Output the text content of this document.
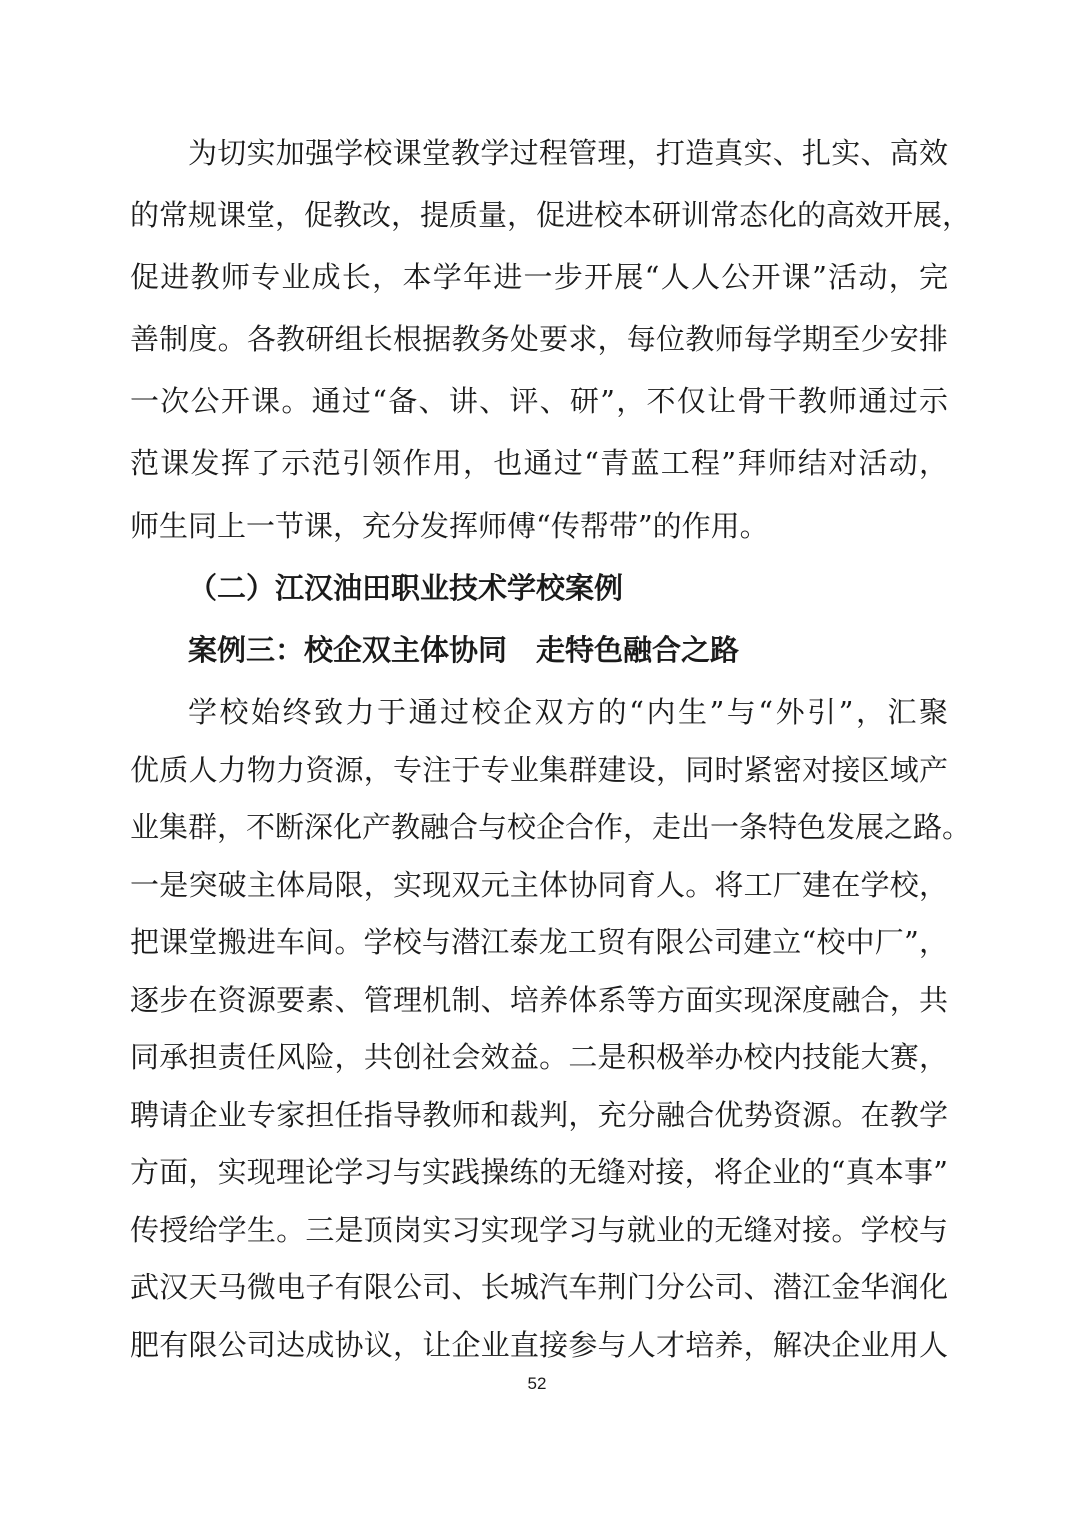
为切实加强学校课堂教学过程管理，打造真实、扎实、高效
的常规课堂，促教改，提质量，促进校本研训常态化的高效开展，
促进教师专业成长，本学年进一步开展“人人公开课”活动，完
善制度。各教研组长根据教务处要求，每位教师每学期至少安排
一次公开课。通过“备、讲、评、研”，不仅让骨干教师通过示
范课发挥了示范引领作用，也通过“青蓝工程”拜师结对活动，
师生同上一节课，充分发挥师傅“传帮带”的作用。
（二）江汉油田职业技术学校案例
案例三：校企双主体协同　走特色融合之路
学校始终致力于通过校企双方的“内生”与“外引”，汇聚
优质人力物力资源，专注于专业集群建设，同时紧密对接区域产
业集群，不断深化产教融合与校企合作，走出一条特色发展之路。
一是突破主体局限，实现双元主体协同育人。将工厂建在学校，
把课堂搬进车间。学校与潜江泰龙工贸有限公司建立“校中厂”，
逐步在资源要素、管理机制、培养体系等方面实现深度融合，共
同承担责任风险，共创社会效益。二是积极举办校内技能大赛，
聘请企业专家担任指导教师和裁判，充分融合优势资源。在教学
方面，实现理论学习与实践操练的无缝对接，将企业的“真本事”
传授给学生。三是顶岗实习实现学习与就业的无缝对接。学校与
武汉天马微电子有限公司、长城汽车荆门分公司、潜江金华润化
肥有限公司达成协议，让企业直接参与人才培养，解决企业用人
52
